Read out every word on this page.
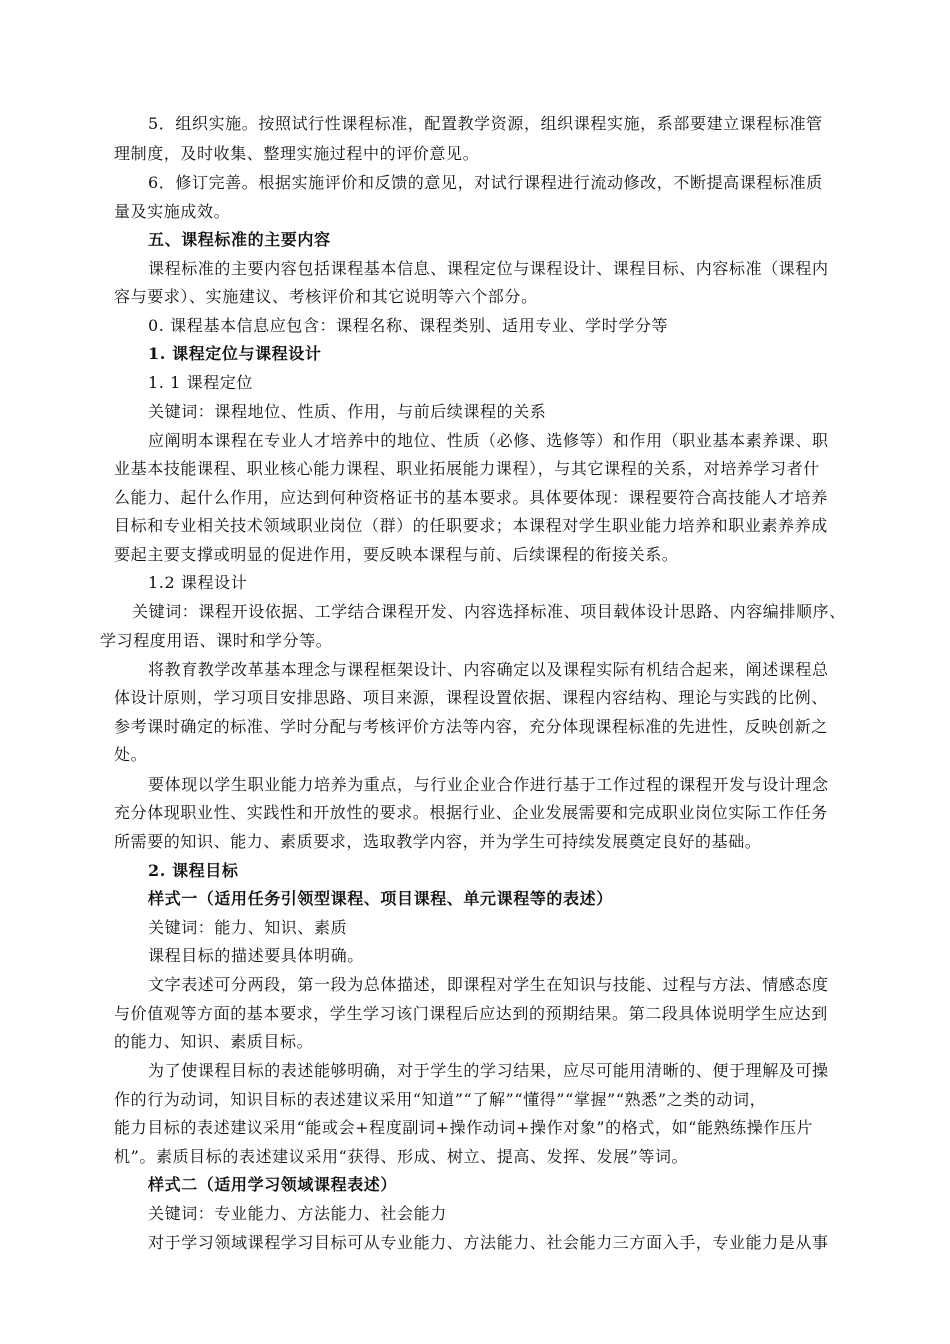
5．组织实施。按照试行性课程标准，配置教学资源，组织课程实施，系部要建立课程标准管
理制度，及时收集、整理实施过程中的评价意见。
6．修订完善。根据实施评价和反馈的意见，对试行课程进行流动修改，不断提高课程标准质
量及实施成效。
五、课程标准的主要内容
课程标准的主要内容包括课程基本信息、课程定位与课程设计、课程目标、内容标准（课程内
容与要求）、实施建议、考核评价和其它说明等六个部分。
0. 课程基本信息应包含：课程名称、课程类别、适用专业、学时学分等
1. 课程定位与课程设计
1. 1 课程定位
关键词：课程地位、性质、作用，与前后续课程的关系
应阐明本课程在专业人才培养中的地位、性质（必修、选修等）和作用（职业基本素养课、职
业基本技能课程、职业核心能力课程、职业拓展能力课程），与其它课程的关系，对培养学习者什
么能力、起什么作用，应达到何种资格证书的基本要求。具体要体现：课程要符合高技能人才培养
目标和专业相关技术领域职业岗位（群）的任职要求；本课程对学生职业能力培养和职业素养养成
要起主要支撑或明显的促进作用，要反映本课程与前、后续课程的衔接关系。
1.2 课程设计
关键词：课程开设依据、工学结合课程开发、内容选择标准、项目载体设计思路、内容编排顺序、
学习程度用语、课时和学分等。
将教育教学改革基本理念与课程框架设计、内容确定以及课程实际有机结合起来，阐述课程总
体设计原则，学习项目安排思路、项目来源，课程设置依据、课程内容结构、理论与实践的比例、
参考课时确定的标准、学时分配与考核评价方法等内容，充分体现课程标准的先进性，反映创新之
处。
要体现以学生职业能力培养为重点，与行业企业合作进行基于工作过程的课程开发与设计理念
充分体现职业性、实践性和开放性的要求。根据行业、企业发展需要和完成职业岗位实际工作任务
所需要的知识、能力、素质要求，选取教学内容，并为学生可持续发展奠定良好的基础。
2. 课程目标
样式一（适用任务引领型课程、项目课程、单元课程等的表述）
关键词：能力、知识、素质
课程目标的描述要具体明确。
文字表述可分两段，第一段为总体描述，即课程对学生在知识与技能、过程与方法、情感态度
与价值观等方面的基本要求，学生学习该门课程后应达到的预期结果。第二段具体说明学生应达到
的能力、知识、素质目标。
为了使课程目标的表述能够明确，对于学生的学习结果，应尽可能用清晰的、便于理解及可操
作的行为动词，知识目标的表述建议采用“知道”“了解”“懂得”“掌握”“熟悉”之类的动词，
能力目标的表述建议采用“能或会+程度副词+操作动词+操作对象”的格式，如“能熟练操作压片
机”。素质目标的表述建议采用“获得、形成、树立、提高、发挥、发展”等词。
样式二（适用学习领域课程表述）
关键词：专业能力、方法能力、社会能力
对于学习领域课程学习目标可从专业能力、方法能力、社会能力三方面入手，专业能力是从事
